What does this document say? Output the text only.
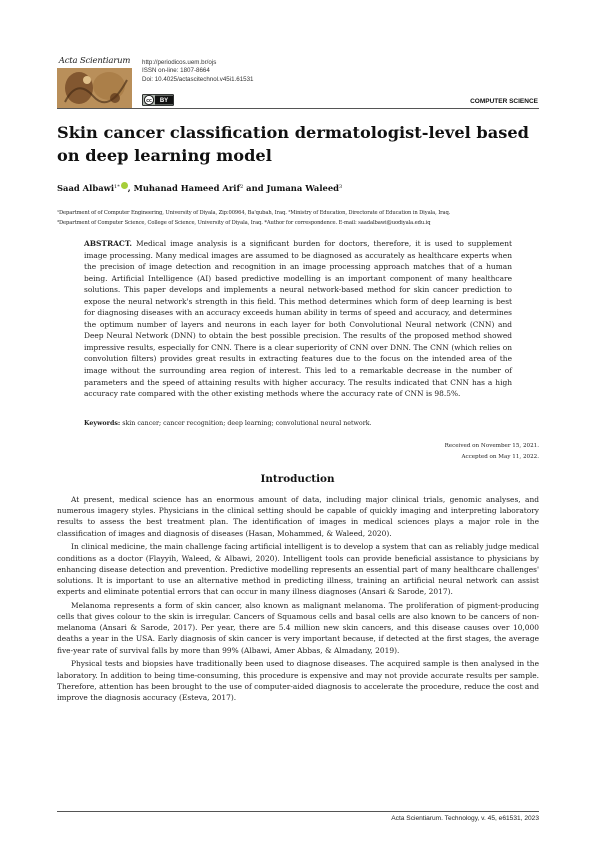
Acta Scientiarum http://periodicos.uem.br/ojs
ISSN on-line: 1807-8664
Doi: 10.4025/actascitechnol.v45i1.61531
BY
cc	COMPUTER SCIENCE
Skin cancer classification dermatologist-level based on deep learning model
Saad Albawi$^{1*}$ , Muhanad Hameed Arif$^2$ and Jumana Waleed$^3$
¹Department of of Computer Engineering, University of Diyala, Zip:00964, Ba'qubah, Iraq. ²Ministry of Education, Directorate of Education in Diyala, Iraq.
³Department of Computer Science, College of Science, University of Diyala, Iraq. *Author for correspondence. E-mail: saadalbawi@uodiyala.edu.iq

ABSTRACT. Medical image analysis is a significant burden for doctors, therefore, it is used to supplement image processing. Many medical images are assumed to be diagnosed as accurately as healthcare experts when the precision of image detection and recognition in an image processing approach matches that of a human being. Artificial Intelligence (AI) based predictive modelling is an important component of many healthcare solutions. This paper develops and implements a neural network-based method for skin cancer prediction to expose the neural network's strength in this field. This method determines which form of deep learning is best for diagnosing diseases with an accuracy exceeds human ability in terms of speed and accuracy, and determines the optimum number of layers and neurons in each layer for both Convolutional Neural network (CNN) and Deep Neural Network (DNN) to obtain the best possible precision. The results of the proposed method showed impressive results, especially for CNN. There is a clear superiority of CNN over DNN. The CNN (which relies on convolution filters) provides great results in extracting features due to the focus on the intended area of the image without the surrounding area region of interest. This led to a remarkable decrease in the number of parameters and the speed of attaining results with higher accuracy. The results indicated that CNN has a high accuracy rate compared with the other existing methods where the accuracy rate of CNN is 98.5%.

Keywords: skin cancer; cancer recognition; deep learning; convolutional neural network.
Received on November 15, 2021.
Accepted on May 11, 2022.
Introduction

At present, medical science has an enormous amount of data, including major clinical trials, genomic analyses, and numerous imagery styles. Physicians in the clinical setting should be capable of quickly imaging and interpreting laboratory results to assess the best treatment plan. The identification of images in medical sciences plays a major role in the classification of images and diagnosis of diseases (Hasan, Mohammed, & Waleed, 2020).

In clinical medicine, the main challenge facing artificial intelligent is to develop a system that can as reliably judge medical conditions as a doctor (Flayyih, Waleed, & Albawi, 2020). Intelligent tools can provide beneficial assistance to physicians by enhancing disease detection and prevention. Predictive modelling represents an essential part of many healthcare challenges' solutions. It is important to use an alternative method in predicting illness, training an artificial neural network can assist experts and eliminate potential errors that can occur in many illness diagnoses (Ansari & Sarode, 2017).

Melanoma represents a form of skin cancer, also known as malignant melanoma. The proliferation of pigment-producing cells that gives colour to the skin is irregular. Cancers of Squamous cells and basal cells are also known to be cancers of non-melanoma (Ansari & Sarode, 2017). Per year, there are 5.4 million new skin cancers, and this disease causes over 10,000 deaths a year in the USA. Early diagnosis of skin cancer is very important because, if detected at the first stages, the average five-year rate of survival falls by more than 99% (Albawi, Amer Abbas, & Almadany, 2019).

Physical tests and biopsies have traditionally been used to diagnose diseases. The acquired sample is then analysed in the laboratory. In addition to being time-consuming, this procedure is expensive and may not provide accurate results per sample. Therefore, attention has been brought to the use of computer-aided diagnosis to accelerate the procedure, reduce the cost and improve the diagnosis accuracy (Esteva, 2017).

Acta Scientiarum. Technology, v. 45, e61531, 2023
